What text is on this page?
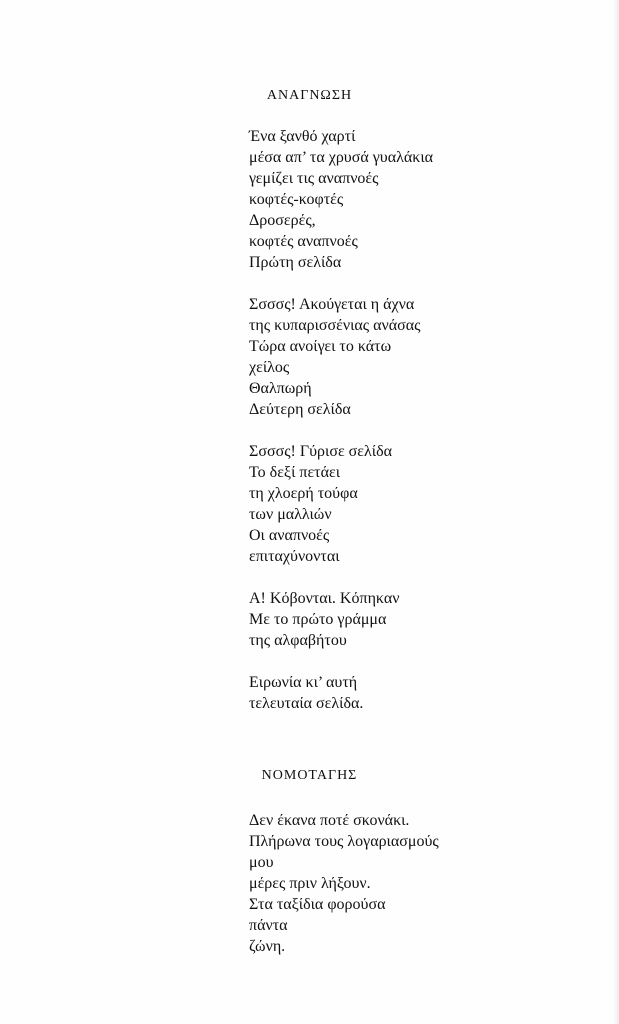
ΑΝΑΓΝΩΣΗ
Ένα ξανθό χαρτί
μέσα απ’ τα χρυσά γυαλάκια
γεμίζει τις αναπνοές
κοφτές-κοφτές
Δροσερές,
κοφτές αναπνοές
Πρώτη σελίδα
Σσσσς! Ακούγεται η άχνα
της κυπαρισσένιας ανάσας
Τώρα ανοίγει το κάτω
χείλος
Θαλπωρή
Δεύτερη σελίδα
Σσσσς! Γύρισε σελίδα
Το δεξί πετάει
τη χλοερή τούφα
των μαλλιών
Οι αναπνοές
επιταχύνονται
Α! Κόβονται. Κόπηκαν
Με το πρώτο γράμμα
της αλφαβήτου
Ειρωνία κι’ αυτή
τελευταία σελίδα.
ΝΟΜΟΤΑΓΗΣ
Δεν έκανα ποτέ σκονάκι.
Πλήρωνα τους λογαριασμούς
μου
μέρες πριν λήξουν.
Στα ταξίδια φορούσα
πάντα
ζώνη.
